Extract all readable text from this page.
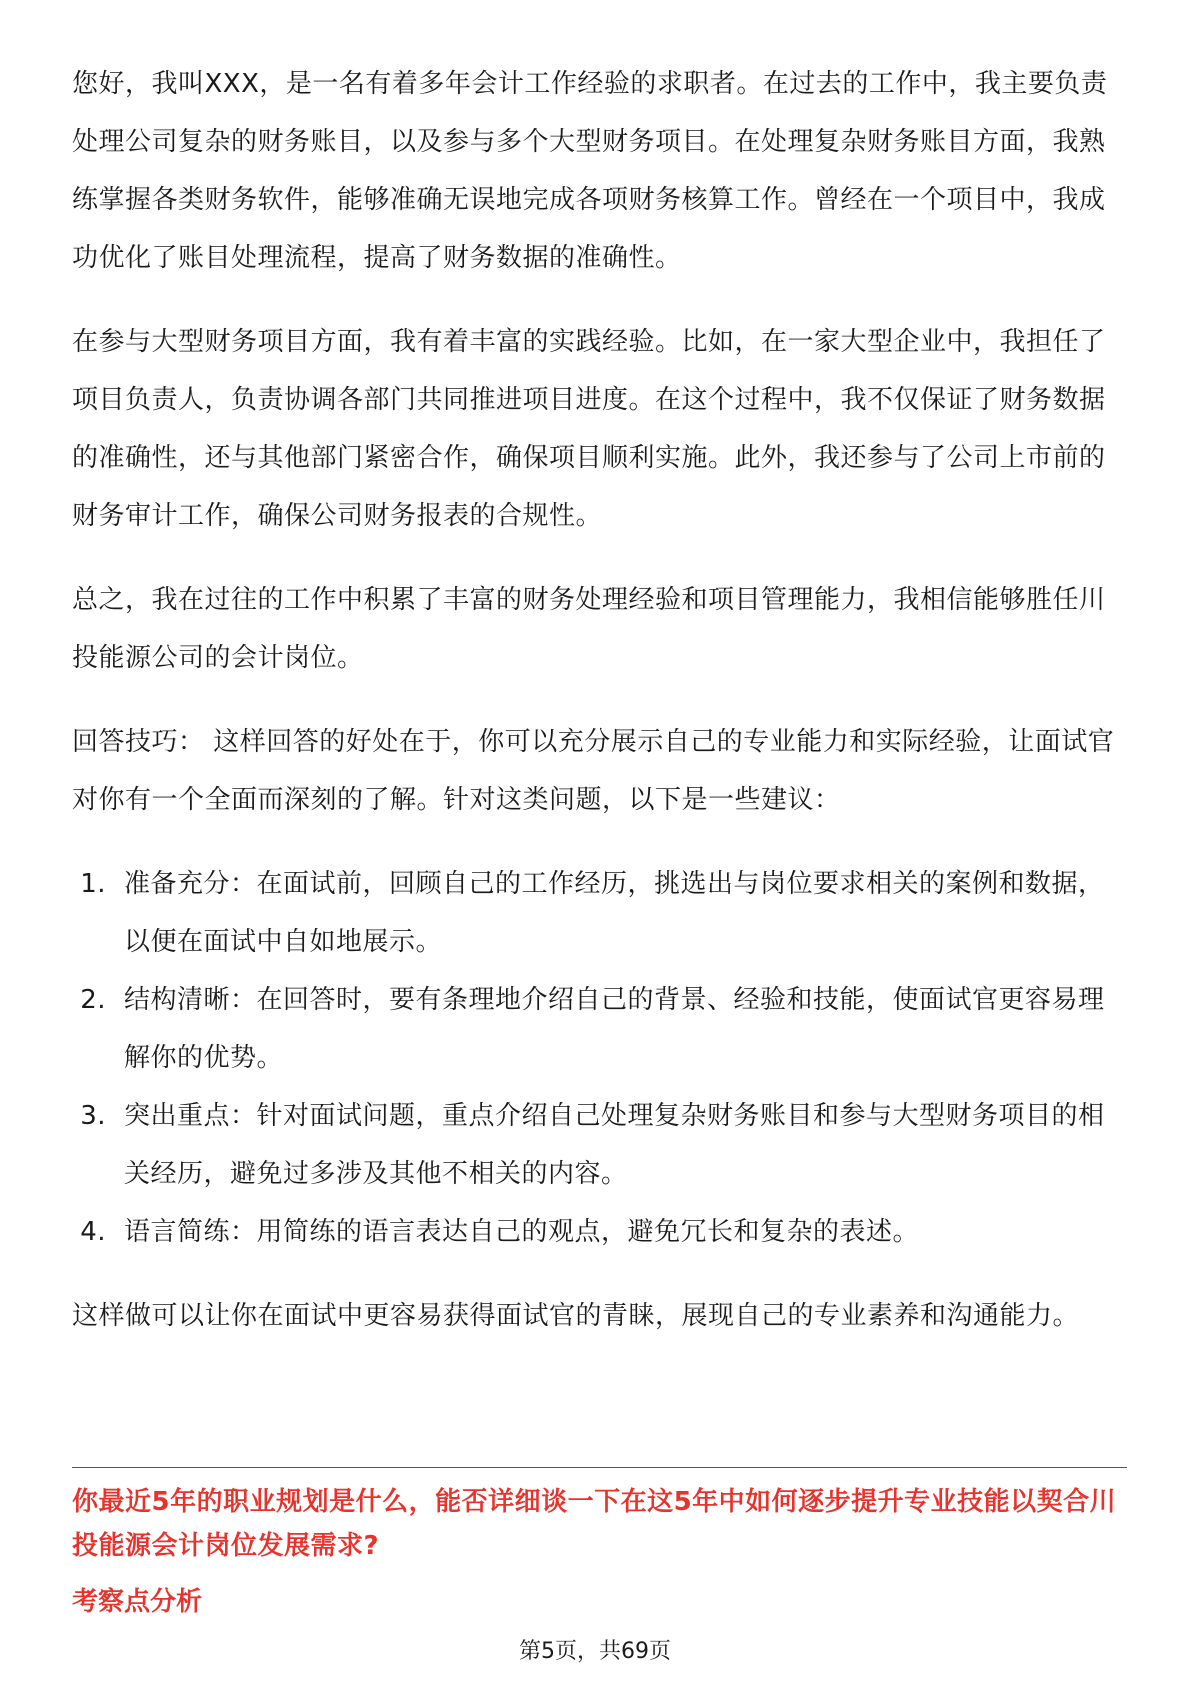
您好，我叫XXX，是一名有着多年会计工作经验的求职者。在过去的工作中，我主要负责处理公司复杂的财务账目，以及参与多个大型财务项目。在处理复杂财务账目方面，我熟练掌握各类财务软件，能够准确无误地完成各项财务核算工作。曾经在一个项目中，我成功优化了账目处理流程，提高了财务数据的准确性。

在参与大型财务项目方面，我有着丰富的实践经验。比如，在一家大型企业中，我担任了项目负责人，负责协调各部门共同推进项目进度。在这个过程中，我不仅保证了财务数据的准确性，还与其他部门紧密合作，确保项目顺利实施。此外，我还参与了公司上市前的财务审计工作，确保公司财务报表的合规性。

总之，我在过往的工作中积累了丰富的财务处理经验和项目管理能力，我相信能够胜任川投能源公司的会计岗位。

回答技巧： 这样回答的好处在于，你可以充分展示自己的专业能力和实际经验，让面试官对你有一个全面而深刻的了解。针对这类问题，以下是一些建议：

1. 准备充分：在面试前，回顾自己的工作经历，挑选出与岗位要求相关的案例和数据，以便在面试中自如地展示。
2. 结构清晰：在回答时，要有条理地介绍自己的背景、经验和技能，使面试官更容易理解你的优势。
3. 突出重点：针对面试问题，重点介绍自己处理复杂财务账目和参与大型财务项目的相关经历，避免过多涉及其他不相关的内容。
4. 语言简练：用简练的语言表达自己的观点，避免冗长和复杂的表述。

这样做可以让你在面试中更容易获得面试官的青睐，展现自己的专业素养和沟通能力。

你最近5年的职业规划是什么，能否详细谈一下在这5年中如何逐步提升专业技能以契合川投能源会计岗位发展需求?
考察点分析
第5页，共69页
